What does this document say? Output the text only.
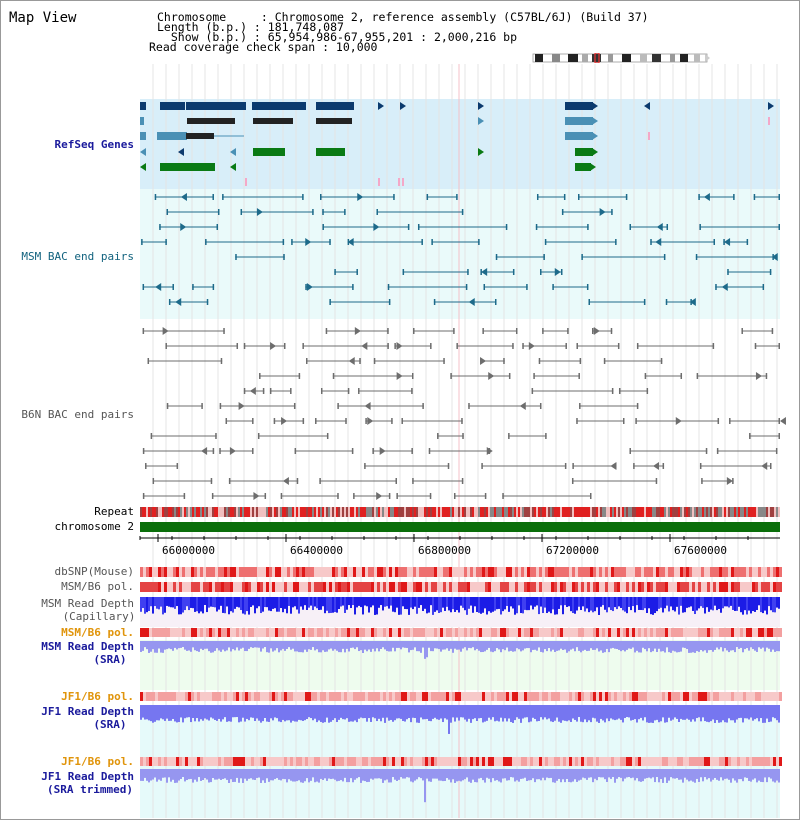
Map View	Chromosome     : Chromosome 2, reference assembly (C57BL/6J) (Build 37)
Length (b.p.) : 181,748,087
Show (b.p.) : 65,954,986-67,955,201 : 2,000,216 bp
Read coverage check span : 10,000
66000000	66400000	66800000	67200000	67600000
RefSeq Genes
MSM BAC end pairs
B6N BAC end pairs
Repeat
chromosome 2
dbSNP(Mouse)
MSM/B6 pol.
MSM Read Depth
(Capillary)
MSM/B6 pol.
MSM Read Depth
(SRA)
JF1/B6 pol.
JF1 Read Depth
(SRA)
JF1/B6 pol.
JF1 Read Depth
(SRA trimmed)
